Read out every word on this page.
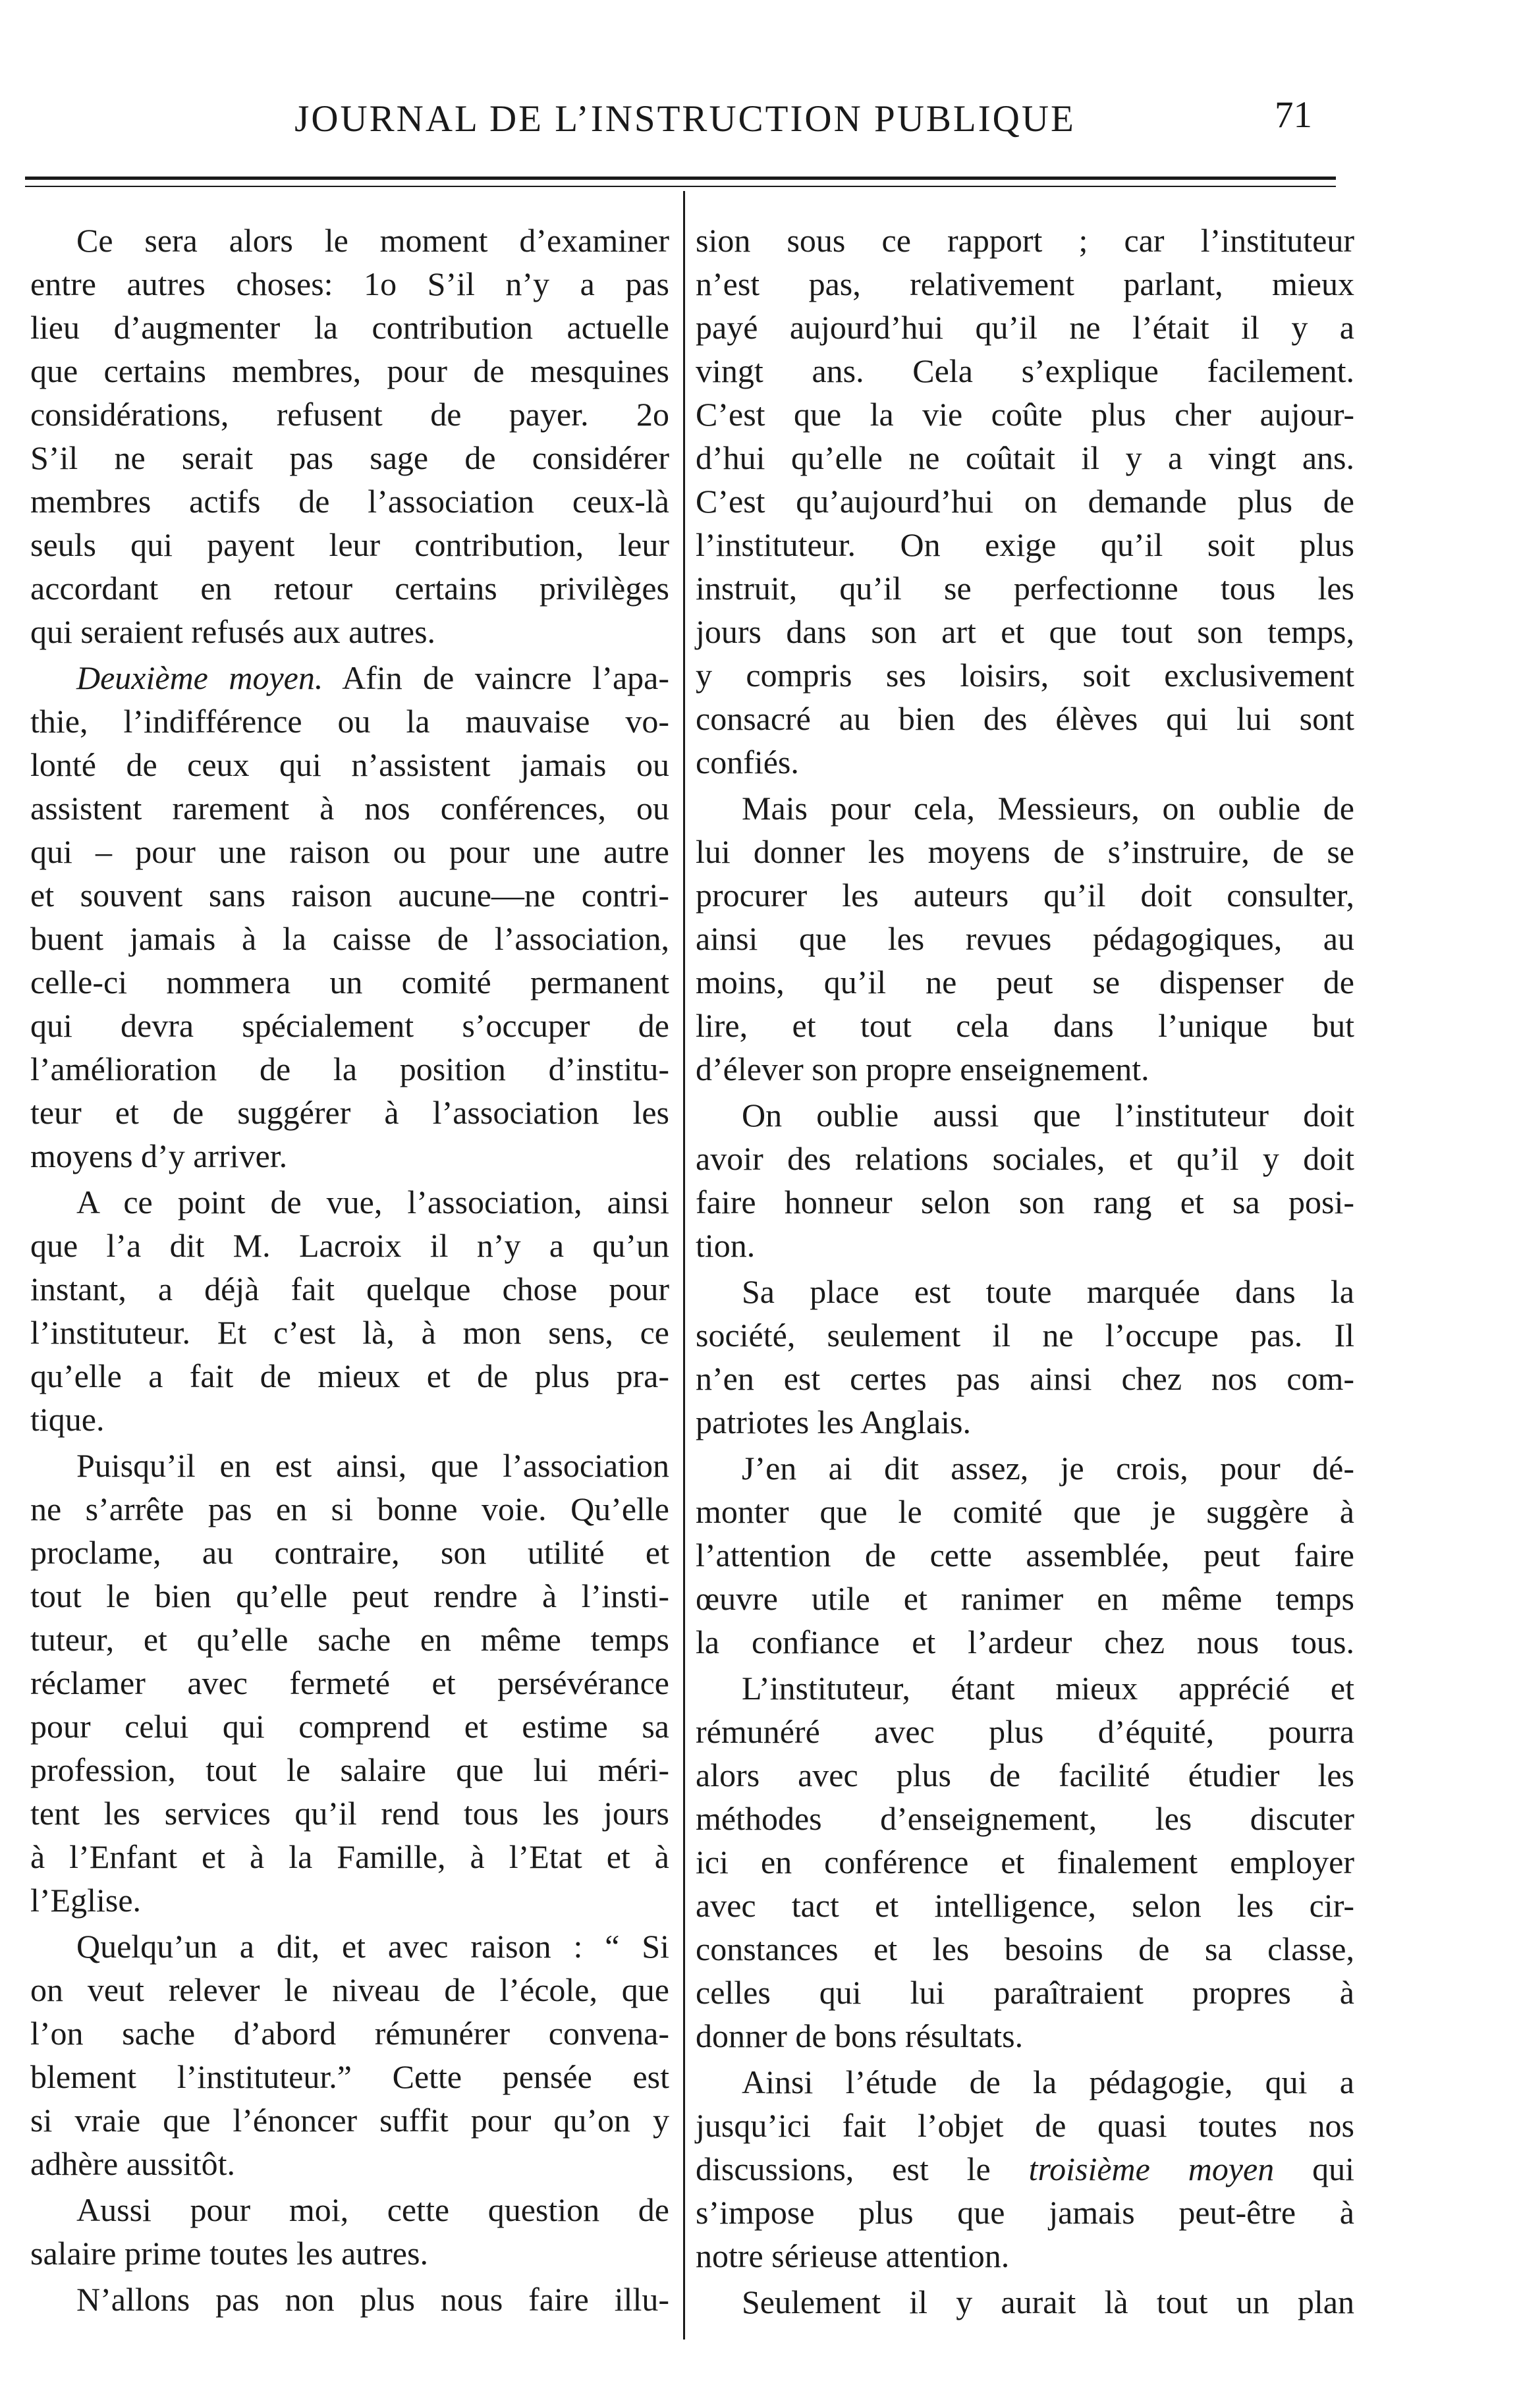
JOURNAL DE L’INSTRUCTION PUBLIQUE	71
Ce sera alors le moment d’examiner
entre autres choses: 1o S’il n’y a pas
lieu d’augmenter la contribution actuelle
que certains membres, pour de mesquines
considérations, refusent de payer. 2o
S’il ne serait pas sage de considérer
membres actifs de l’association ceux-là
seuls qui payent leur contribution, leur
accordant en retour certains privilèges
qui seraient refusés aux autres.
Deuxième moyen. Afin de vaincre l’apa-
thie, l’indifférence ou la mauvaise vo-
lonté de ceux qui n’assistent jamais ou
assistent rarement à nos conférences, ou
qui – pour une raison ou pour une autre
et souvent sans raison aucune—ne contri-
buent jamais à la caisse de l’association,
celle-ci nommera un comité permanent
qui devra spécialement s’occuper de
l’amélioration de la position d’institu-
teur et de suggérer à l’association les
moyens d’y arriver.
A ce point de vue, l’association, ainsi
que l’a dit M. Lacroix il n’y a qu’un
instant, a déjà fait quelque chose pour
l’instituteur. Et c’est là, à mon sens, ce
qu’elle a fait de mieux et de plus pra-
tique.
Puisqu’il en est ainsi, que l’association
ne s’arrête pas en si bonne voie. Qu’elle
proclame, au contraire, son utilité et
tout le bien qu’elle peut rendre à l’insti-
tuteur, et qu’elle sache en même temps
réclamer avec fermeté et persévérance
pour celui qui comprend et estime sa
profession, tout le salaire que lui méri-
tent les services qu’il rend tous les jours
à l’Enfant et à la Famille, à l’Etat et à
l’Eglise.
Quelqu’un a dit, et avec raison : “ Si
on veut relever le niveau de l’école, que
l’on sache d’abord rémunérer convena-
blement l’instituteur.” Cette pensée est
si vraie que l’énoncer suffit pour qu’on y
adhère aussitôt.
Aussi pour moi, cette question de
salaire prime toutes les autres.
N’allons pas non plus nous faire illu-
sion sous ce rapport ; car l’instituteur
n’est pas, relativement parlant, mieux
payé aujourd’hui qu’il ne l’était il y a
vingt ans. Cela s’explique facilement.
C’est que la vie coûte plus cher aujour-
d’hui qu’elle ne coûtait il y a vingt ans.
C’est qu’aujourd’hui on demande plus de
l’instituteur. On exige qu’il soit plus
instruit, qu’il se perfectionne tous les
jours dans son art et que tout son temps,
y compris ses loisirs, soit exclusivement
consacré au bien des élèves qui lui sont
confiés.
Mais pour cela, Messieurs, on oublie de
lui donner les moyens de s’instruire, de se
procurer les auteurs qu’il doit consulter,
ainsi que les revues pédagogiques, au
moins, qu’il ne peut se dispenser de
lire, et tout cela dans l’unique but
d’élever son propre enseignement.
On oublie aussi que l’instituteur doit
avoir des relations sociales, et qu’il y doit
faire honneur selon son rang et sa posi-
tion.
Sa place est toute marquée dans la
société, seulement il ne l’occupe pas. Il
n’en est certes pas ainsi chez nos com-
patriotes les Anglais.
J’en ai dit assez, je crois, pour dé-
monter que le comité que je suggère à
l’attention de cette assemblée, peut faire
œuvre utile et ranimer en même temps
la confiance et l’ardeur chez nous tous.
L’instituteur, étant mieux apprécié et
rémunéré avec plus d’équité, pourra
alors avec plus de facilité étudier les
méthodes d’enseignement, les discuter
ici en conférence et finalement employer
avec tact et intelligence, selon les cir-
constances et les besoins de sa classe,
celles qui lui paraîtraient propres à
donner de bons résultats.
Ainsi l’étude de la pédagogie, qui a
jusqu’ici fait l’objet de quasi toutes nos
discussions, est le troisième moyen qui
s’impose plus que jamais peut-être à
notre sérieuse attention.
Seulement il y aurait là tout un plan
